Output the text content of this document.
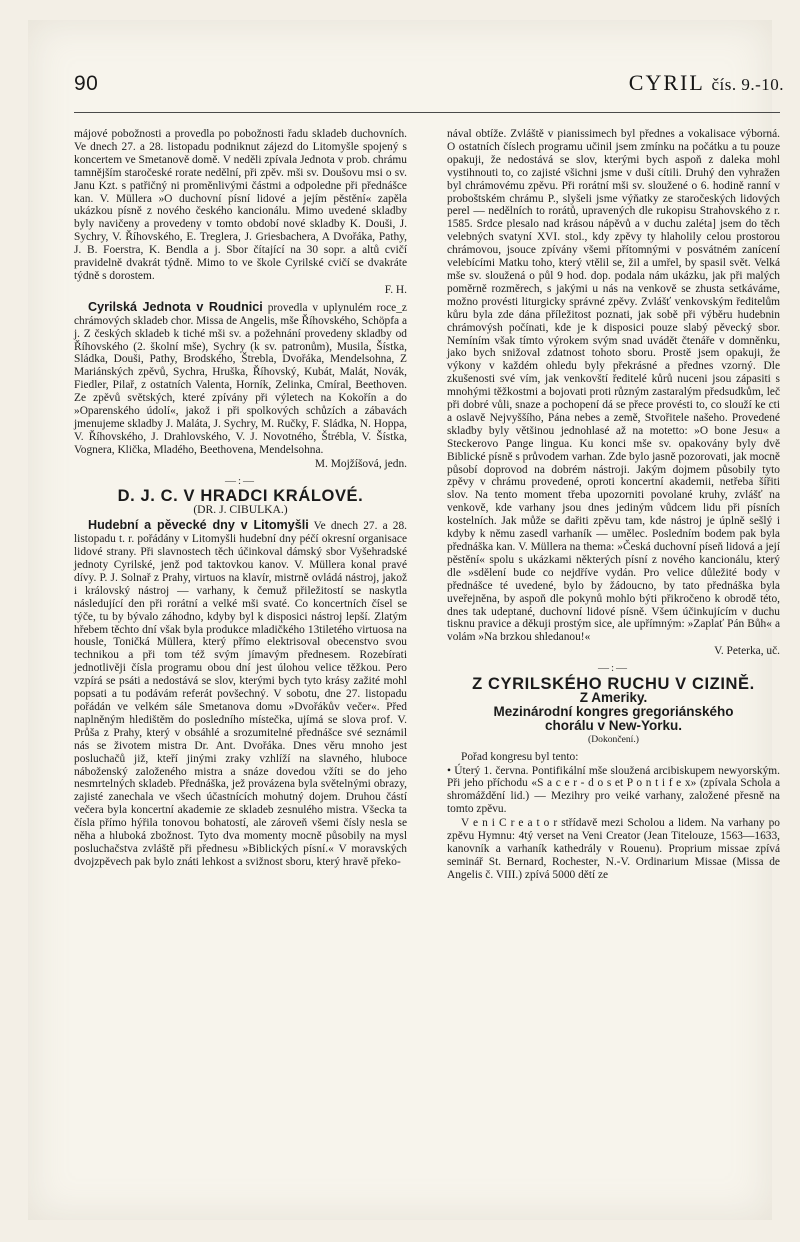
90	CYRIL čís. 9.-10.

májové pobožnosti a provedla po pobožnosti řadu skladeb duchovních. Ve dnech 27. a 28. listopadu podniknut zájezd do Litomyšle spojený s koncertem ve Smetanově domě. V neděli zpívala Jednota v prob. chrámu tamnějším staročeské rorate nedělní, při zpěv. mši sv. Doušovu msi o sv. Janu Kzt. s patřičný ni proměnlivými částmi a odpoledne při přednášce kan. V. Müllera »O duchovní písní lidové a jejím pěstění« zapěla ukázkou písně z nového českého kancionálu. Mimo uvedené skladby byly navičeny a provedeny v tomto období nové skladby K. Douši, J. Sychry, V. Říhovského, E. Treglera, J. Griesbachera, A Dvořáka, Pathy, J. B. Foerstra, K. Bendla a j. Sbor čítající na 30 sopr. a altů cvičí pravidelně dvakrát týdně. Mimo to ve škole Cyrilské cvičí se dvakráte týdně s dorostem.

F. H.

Cyrilská Jednota v Roudnici provedla v uplynulém roce_z chrámových skladeb chor. Missa de Angelis, mše Říhovského, Schöpfa a j. Z českých skladeb k tiché mši sv. a požehnání provedeny skladby od Říhovského (2. školní mše), Sychry (k sv. patronům), Musila, Šístka, Sládka, Douši, Pathy, Brodského, Štrebla, Dvořáka, Mendelsohna, Z Mariánských zpěvů, Sychra, Hruška, Říhovský, Kubát, Malát, Novák, Fiedler, Pilař, z ostatních Valenta, Horník, Zelinka, Cmíral, Beethoven. Ze zpěvů světských, které zpívány při výletech na Kokořín a do »Oparenského údolí«, jakož i při spolkových schůzích a zábavách jmenujeme skladby J. Maláta, J. Sychry, M. Ručky, F. Sládka, N. Hoppa, V. Říhovského, J. Drahlovského, V. J. Novotného, Štrébla, V. Šístka, Vognera, Klička, Mladého, Beethovena, Mendelsohna.

M. Mojžíšová, jedn.

—:—
D. J. C. V HRADCI KRÁLOVÉ.
(DR. J. CIBULKA.)

Hudební a pěvecké dny v Litomyšli Ve dnech 27. a 28. listopadu t. r. pořádány v Litomyšli hudební dny péčí okresní organisace lidové strany. Při slavnostech těch účinkoval dámský sbor Vyšehradské jednoty Cyrilské, jenž pod taktovkou kanov. V. Müllera konal pravé dívy. P. J. Solnař z Prahy, virtuos na klavír, mistrně ovládá nástroj, jakož i královský nástroj — varhany, k čemuž přiležitostí se naskytla následující den při rorátní a velké mši svaté. Co koncertních čísel se týče, tu by bývalo záhodno, kdyby byl k disposici nástroj lepší. Zlatým hřebem těchto dní však byla produkce mladičkého 13tiletého virtuosa na housle, Toničká Müllera, který přímo elektrisoval obecenstvo svou technikou a při tom též svým jímavým přednesem. Rozebírati jednotlivěji čísla programu obou dní jest úlohou velice těžkou. Pero vzpírá se psáti a nedostává se slov, kterými bych tyto krásy zažité mohl popsati a tu podávám referát povšechný. V sobotu, dne 27. listopadu pořádán ve velkém sále Smetanova domu »Dvořákův večer«. Před naplněným hledištěm do posledního místečka, ujímá se slova prof. V. Průša z Prahy, který v obsáhlé a srozumitelné přednášce své seznámil nás se životem mistra Dr. Ant. Dvořáka. Dnes věru mnoho jest posluchačů již, kteří jinými zraky vzhlíží na slavného, hluboce náboženský založeného mistra a snáze dovedou vžíti se do jeho nesmrtelných skladeb. Přednáška, jež provázena byla světelnými obrazy, zajisté zanechala ve všech účastnících mohutný dojem. Druhou částí večera byla koncertní akademie ze skladeb zesnulého mistra. Všecka ta čísla přímo hýřila tonovou bohatostí, ale zároveň všemi čísly nesla se něha a hluboká zbožnost. Tyto dva momenty mocně působily na mysl posluchačstva zvláště při přednesu »Biblických písní.« V moravských dvojzpěvech pak bylo znáti lehkost a svižnost sboru, který hravě překo-

nával obtíže. Zvláště v pianissimech byl přednes a vokalisace výborná. O ostatních číslech programu učinil jsem zmínku na počátku a tu pouze opakuji, že nedostává se slov, kterými bych aspoň z daleka mohl vystihnouti to, co zajisté všichni jsme v duši cítili. Druhý den vyhražen byl chrámovému zpěvu. Při rorátní mši sv. sloužené o 6. hodině ranní v proboštském chrámu P., slyšeli jsme výňatky ze staročeských lidových perel — nedělních to rorátů, upravených dle rukopisu Strahovského z r. 1585. Srdce plesalo nad krásou nápěvů a v duchu zaléta] jsem do těch velebných svatyní XVI. stol., kdy zpěvy ty hlaholily celou prostorou chrámovou, jsouce zpívány všemi přítomnými v posvátném zanícení velebícími Matku toho, který vtělil se, žil a umřel, by spasil svět. Velká mše sv. sloužená o půl 9 hod. dop. podala nám ukázku, jak při malých poměrně rozměrech, s jakými u nás na venkově se zhusta setkáváme, možno provésti liturgicky správné zpěvy. Zvlášť venkovským ředitelům kůru byla zde dána příležitost poznati, jak sobě při výběru hudebnin chrámovýsh počínati, kde je k disposici pouze slabý pěvecký sbor. Nemíním však tímto výrokem svým snad uvádět čtenáře v domněnku, jako bych snižoval zdatnost tohoto sboru. Prostě jsem opakuji, že výkony v každém ohledu byly překrásné a přednes vzorný. Dle zkušenosti své vím, jak venkovští ředitelé kůrů nuceni jsou zápasiti s mnohými těžkostmi a bojovati proti různým zastaralým předsudkům, leč při dobré vůli, snaze a pochopení dá se přece provésti to, co slouží ke cti a oslavě Nejvyššího, Pána nebes a země, Stvořitele našeho. Provedené skladby byly většinou jednohlasé až na motetto: »O bone Jesu« a Steckerovo Pange lingua. Ku konci mše sv. opakovány byly dvě Biblické písně s průvodem varhan. Zde bylo jasně pozorovati, jak mocně působí doprovod na dobrém nástroji. Jakým dojmem působily tyto zpěvy v chrámu provedené, oproti koncertní akademii, netřeba šířiti slov. Na tento moment třeba upozorniti povolané kruhy, zvlášť na venkově, kde varhany jsou dnes jediným vůdcem lidu při písních kostelních. Jak může se dařiti zpěvu tam, kde nástroj je úplně sešlý i kdyby k němu zasedl varhaník — umělec. Posledním bodem pak byla přednáška kan. V. Müllera na thema: »Česká duchovní píseň lidová a její pěstění« spolu s ukázkami některých písní z nového kancionálu, který dle »sdělení bude co nejdříve vydán. Pro velice důležité body v přednášce té uvedené, bylo by žádoucno, by tato přednáška byla uveřejněna, by aspoň dle pokynů mohlo býti přikročeno k obrodě této, dnes tak udeptané, duchovní lidové písně. Všem účinkujícím v duchu tisknu pravice a děkuji prostým sice, ale upřímným: »Zaplať Pán Bůh« a volám »Na brzkou shledanou!«

V. Peterka, uč.

—:—
Z CYRILSKÉHO RUCHU V CIZINĚ.
Z Ameriky.
Mezinárodní kongres gregoriánského
chorálu v New-Yorku.
(Dokončení.)

Pořad kongresu byl tento:

• Úterý 1. června. Pontifikální mše sloužená arcibiskupem newyorským. Při jeho příchodu «S a c e r - d o s et P o n t i f e x» (zpívala Schola a shromáždění lid.) — Mezihry pro veiké varhany, založené přesně na tomto zpěvu.

V e n i C r e a t o r střídavě mezi Scholou a lidem. Na varhany po zpěvu Hymnu: 4tý verset na Veni Creator (Jean Titelouze, 1563—1633, kanovník a varhaník kathedrály v Rouenu). Proprium missae zpívá seminář St. Bernard, Rochester, N.-V. Ordinarium Missae (Missa de Angelis č. VIII.) zpívá 5000 dětí ze
